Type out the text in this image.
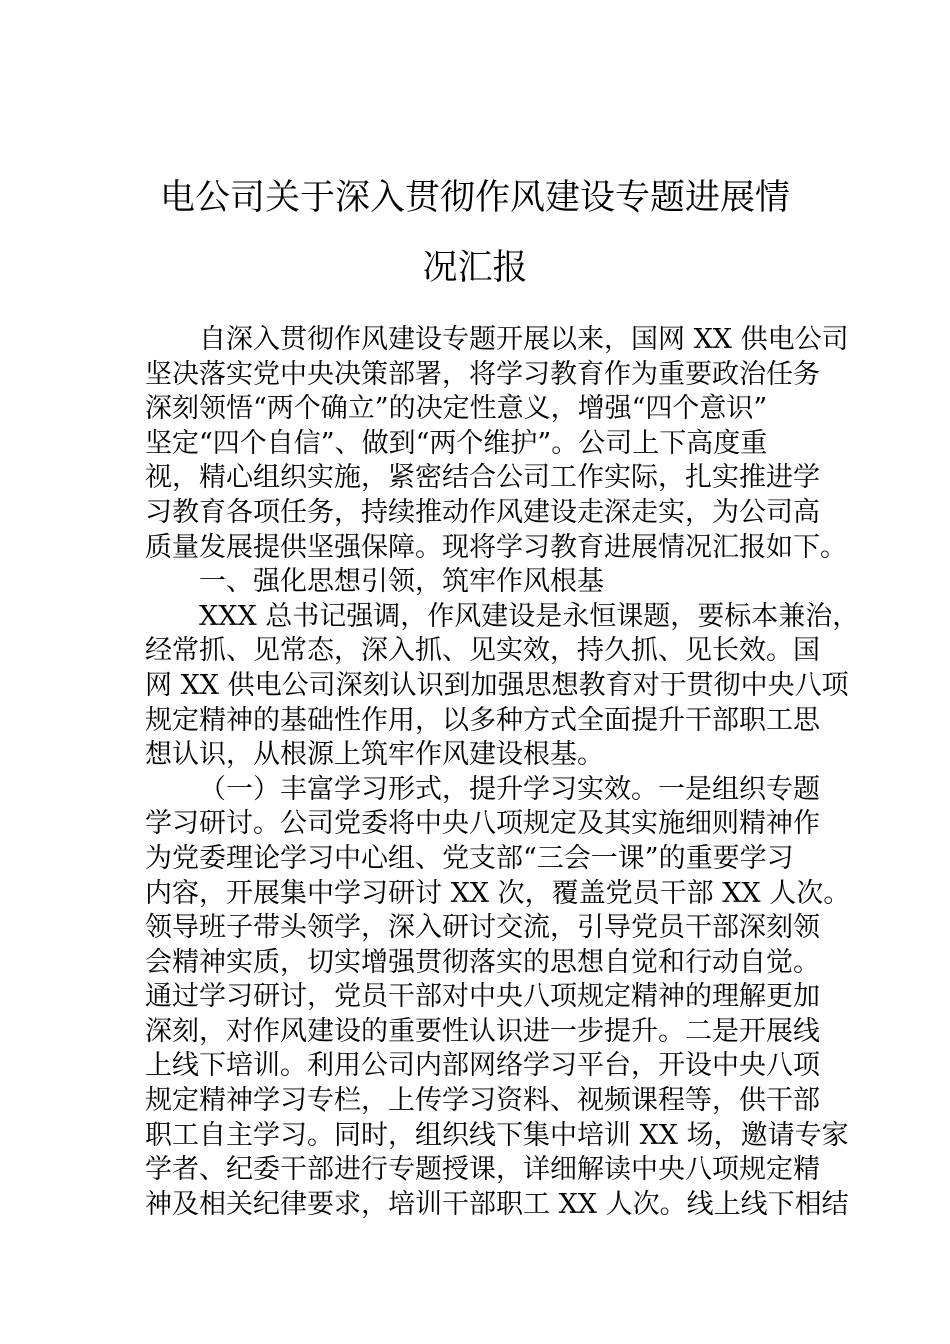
电公司关于深入贯彻作风建设专题进展情
况汇报
自深入贯彻作风建设专题开展以来，国网 XX 供电公司
坚决落实党中央决策部署，将学习教育作为重要政治任务
深刻领悟“两个确立”的决定性意义，增强“四个意识”
坚定“四个自信”、做到“两个维护”。公司上下高度重
视，精心组织实施，紧密结合公司工作实际，扎实推进学
习教育各项任务，持续推动作风建设走深走实，为公司高
质量发展提供坚强保障。现将学习教育进展情况汇报如下。
一、强化思想引领，筑牢作风根基
XXX 总书记强调，作风建设是永恒课题，要标本兼治，
经常抓、见常态，深入抓、见实效，持久抓、见长效。国
网 XX 供电公司深刻认识到加强思想教育对于贯彻中央八项
规定精神的基础性作用，以多种方式全面提升干部职工思
想认识，从根源上筑牢作风建设根基。
（一）丰富学习形式，提升学习实效。一是组织专题
学习研讨。公司党委将中央八项规定及其实施细则精神作
为党委理论学习中心组、党支部“三会一课”的重要学习
内容，开展集中学习研讨 XX 次，覆盖党员干部 XX 人次。
领导班子带头领学，深入研讨交流，引导党员干部深刻领
会精神实质，切实增强贯彻落实的思想自觉和行动自觉。
通过学习研讨，党员干部对中央八项规定精神的理解更加
深刻，对作风建设的重要性认识进一步提升。二是开展线
上线下培训。利用公司内部网络学习平台，开设中央八项
规定精神学习专栏，上传学习资料、视频课程等，供干部
职工自主学习。同时，组织线下集中培训 XX 场，邀请专家
学者、纪委干部进行专题授课，详细解读中央八项规定精
神及相关纪律要求，培训干部职工 XX 人次。线上线下相结
